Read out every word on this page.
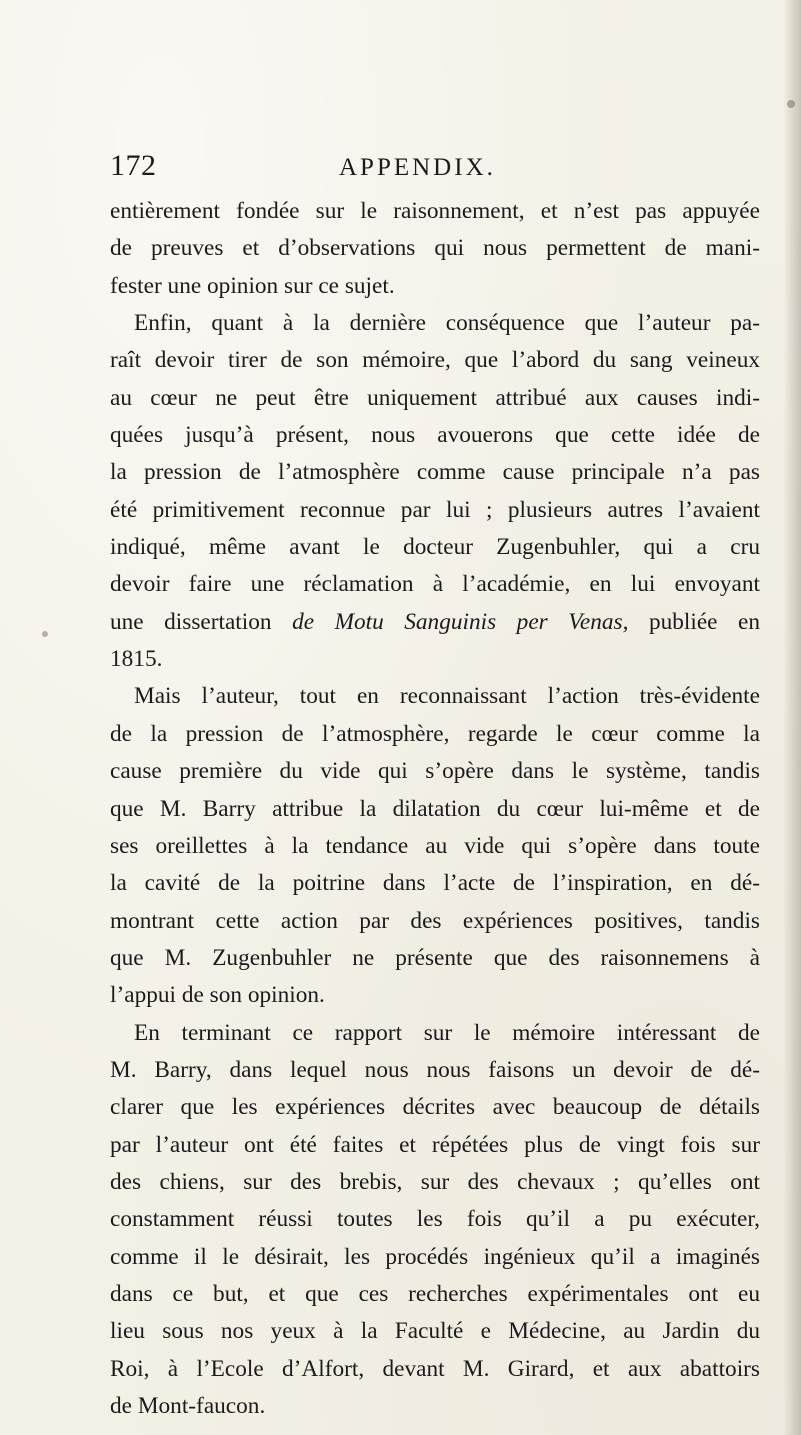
172	APPENDIX.
entièrement fondée sur le raisonnement, et n’est pas appuyée
de preuves et d’observations qui nous permettent de mani-
fester une opinion sur ce sujet.
Enfin, quant à la dernière conséquence que l’auteur pa-
raît devoir tirer de son mémoire, que l’abord du sang veineux
au cœur ne peut être uniquement attribué aux causes indi-
quées jusqu’à présent, nous avouerons que cette idée de
la pression de l’atmosphère comme cause principale n’a pas
été primitivement reconnue par lui ; plusieurs autres l’avaient
indiqué, même avant le docteur Zugenbuhler, qui a cru
devoir faire une réclamation à l’académie, en lui envoyant
une dissertation de Motu Sanguinis per Venas, publiée en
1815.
Mais l’auteur, tout en reconnaissant l’action très-évidente
de la pression de l’atmosphère, regarde le cœur comme la
cause première du vide qui s’opère dans le système, tandis
que M. Barry attribue la dilatation du cœur lui-même et de
ses oreillettes à la tendance au vide qui s’opère dans toute
la cavité de la poitrine dans l’acte de l’inspiration, en dé-
montrant cette action par des expériences positives, tandis
que M. Zugenbuhler ne présente que des raisonnemens à
l’appui de son opinion.
En terminant ce rapport sur le mémoire intéressant de
M. Barry, dans lequel nous nous faisons un devoir de dé-
clarer que les expériences décrites avec beaucoup de détails
par l’auteur ont été faites et répétées plus de vingt fois sur
des chiens, sur des brebis, sur des chevaux ; qu’elles ont
constamment réussi toutes les fois qu’il a pu exécuter,
comme il le désirait, les procédés ingénieux qu’il a imaginés
dans ce but, et que ces recherches expérimentales ont eu
lieu sous nos yeux à la Faculté e Médecine, au Jardin du
Roi, à l’Ecole d’Alfort, devant M. Girard, et aux abattoirs
de Mont-faucon.
